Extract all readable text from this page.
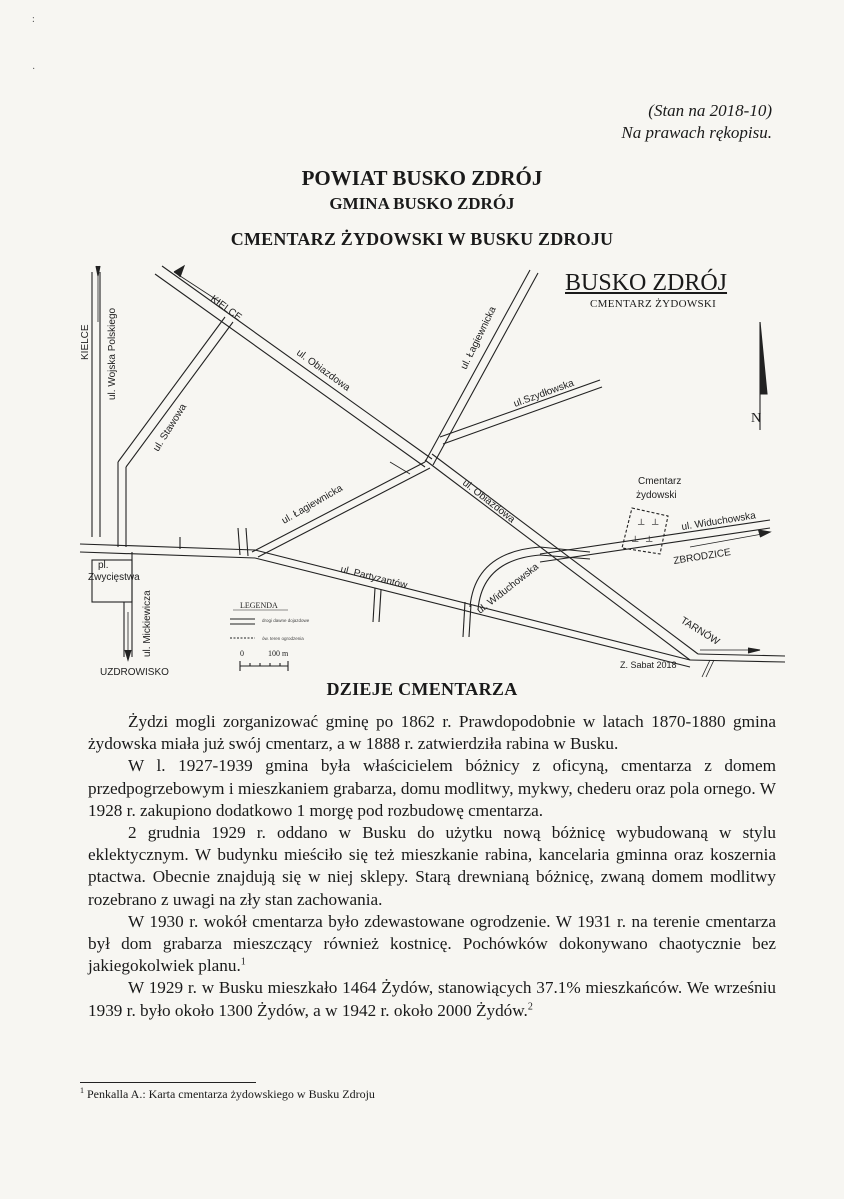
:
·
(Stan na 2018-10)
Na prawach rękopisu.
POWIAT BUSKO ZDRÓJ
GMINA BUSKO ZDRÓJ
CMENTARZ ŻYDOWSKI W BUSKU ZDROJU
BUSKO ZDRÓJ
CMENTARZ ŻYDOWSKI
N
KIELCE ul. Wojska Polskiego
ul. Stawowa
KIELCE
ul. Obiazdowa	ul. Łagiewnicka
ul.Szydłowska
ul. Obiazdowa
TARNÓW
ul. Łagiewnicka
ul. Partyzantów	ul. Widuchowska
ul. Widuchowska
ZBRODZICE
┴ ┴
┴ ┴
Cmentarz
żydowski
pl.
Zwycięstwa
ul. Mickiewicza
UZDROWISKO
LEGENDA
drogi dawne dojazdowe
ów. teren ogrodzenia
0	100 m
Z. Sabat 2018
DZIEJE CMENTARZA

Żydzi mogli zorganizować gminę po 1862 r. Prawdopodobnie w latach 1870-1880 gmina żydowska miała już swój cmentarz, a w 1888 r. zatwierdziła rabina w Busku.

W l. 1927-1939 gmina była właścicielem bóżnicy z oficyną, cmentarza z domem przedpogrzebowym i mieszkaniem grabarza, domu modlitwy, mykwy, chederu oraz pola ornego. W 1928 r. zakupiono dodatkowo 1 morgę pod rozbudowę cmentarza.

2 grudnia 1929 r. oddano w Busku do użytku nową bóżnicę wybudowaną w stylu eklektycznym. W budynku mieściło się też mieszkanie rabina, kancelaria gminna oraz koszernia ptactwa. Obecnie znajdują się w niej sklepy. Starą drewnianą bóżnicę, zwaną domem modlitwy rozebrano z uwagi na zły stan zachowania.

W 1930 r. wokół cmentarza było zdewastowane ogrodzenie. W 1931 r. na terenie cmentarza był dom grabarza mieszczący również kostnicę. Pochówków dokonywano chaotycznie bez jakiegokolwiek planu.$^1$

W 1929 r. w Busku mieszkało 1464 Żydów, stanowiących 37.1% mieszkańców. We wrześniu 1939 r. było około 1300 Żydów, a w 1942 r. około 2000 Żydów.$^2$

$^1$ Penkalla A.: Karta cmentarza żydowskiego w Busku Zdroju
